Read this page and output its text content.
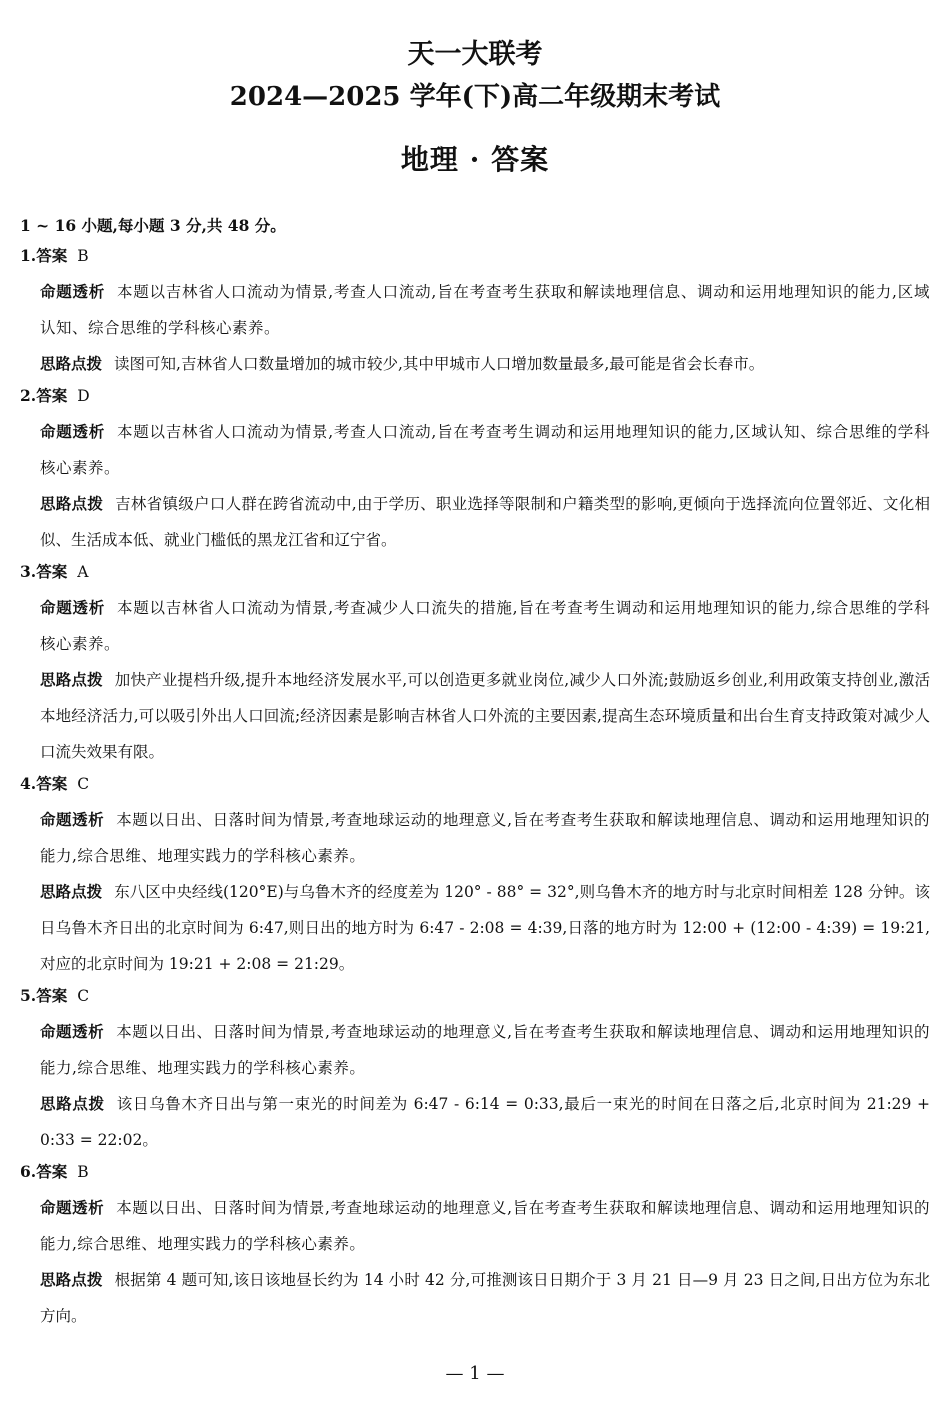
天一大联考
2024—2025 学年(下)高二年级期末考试
地理 · 答案
1 ~ 16 小题,每小题 3 分,共 48 分。
1.答案 B
命题透析 本题以吉林省人口流动为情景,考查人口流动,旨在考查考生获取和解读地理信息、调动和运用地理知识的能力,区域认知、综合思维的学科核心素养。
思路点拨 读图可知,吉林省人口数量增加的城市较少,其中甲城市人口增加数量最多,最可能是省会长春市。
2.答案 D
命题透析 本题以吉林省人口流动为情景,考查人口流动,旨在考查考生调动和运用地理知识的能力,区域认知、综合思维的学科核心素养。
思路点拨 吉林省镇级户口人群在跨省流动中,由于学历、职业选择等限制和户籍类型的影响,更倾向于选择流向位置邻近、文化相似、生活成本低、就业门槛低的黑龙江省和辽宁省。
3.答案 A
命题透析 本题以吉林省人口流动为情景,考查减少人口流失的措施,旨在考查考生调动和运用地理知识的能力,综合思维的学科核心素养。
思路点拨 加快产业提档升级,提升本地经济发展水平,可以创造更多就业岗位,减少人口外流;鼓励返乡创业,利用政策支持创业,激活本地经济活力,可以吸引外出人口回流;经济因素是影响吉林省人口外流的主要因素,提高生态环境质量和出台生育支持政策对减少人口流失效果有限。
4.答案 C
命题透析 本题以日出、日落时间为情景,考查地球运动的地理意义,旨在考查考生获取和解读地理信息、调动和运用地理知识的能力,综合思维、地理实践力的学科核心素养。
思路点拨 东八区中央经线(120°E)与乌鲁木齐的经度差为 120° - 88° = 32°,则乌鲁木齐的地方时与北京时间相差 128 分钟。该日乌鲁木齐日出的北京时间为 6:47,则日出的地方时为 6:47 - 2:08 = 4:39,日落的地方时为 12:00 + (12:00 - 4:39) = 19:21,对应的北京时间为 19:21 + 2:08 = 21:29。
5.答案 C
命题透析 本题以日出、日落时间为情景,考查地球运动的地理意义,旨在考查考生获取和解读地理信息、调动和运用地理知识的能力,综合思维、地理实践力的学科核心素养。
思路点拨 该日乌鲁木齐日出与第一束光的时间差为 6:47 - 6:14 = 0:33,最后一束光的时间在日落之后,北京时间为 21:29 + 0:33 = 22:02。
6.答案 B
命题透析 本题以日出、日落时间为情景,考查地球运动的地理意义,旨在考查考生获取和解读地理信息、调动和运用地理知识的能力,综合思维、地理实践力的学科核心素养。
思路点拨 根据第 4 题可知,该日该地昼长约为 14 小时 42 分,可推测该日日期介于 3 月 21 日—9 月 23 日之间,日出方位为东北方向。
— 1 —
